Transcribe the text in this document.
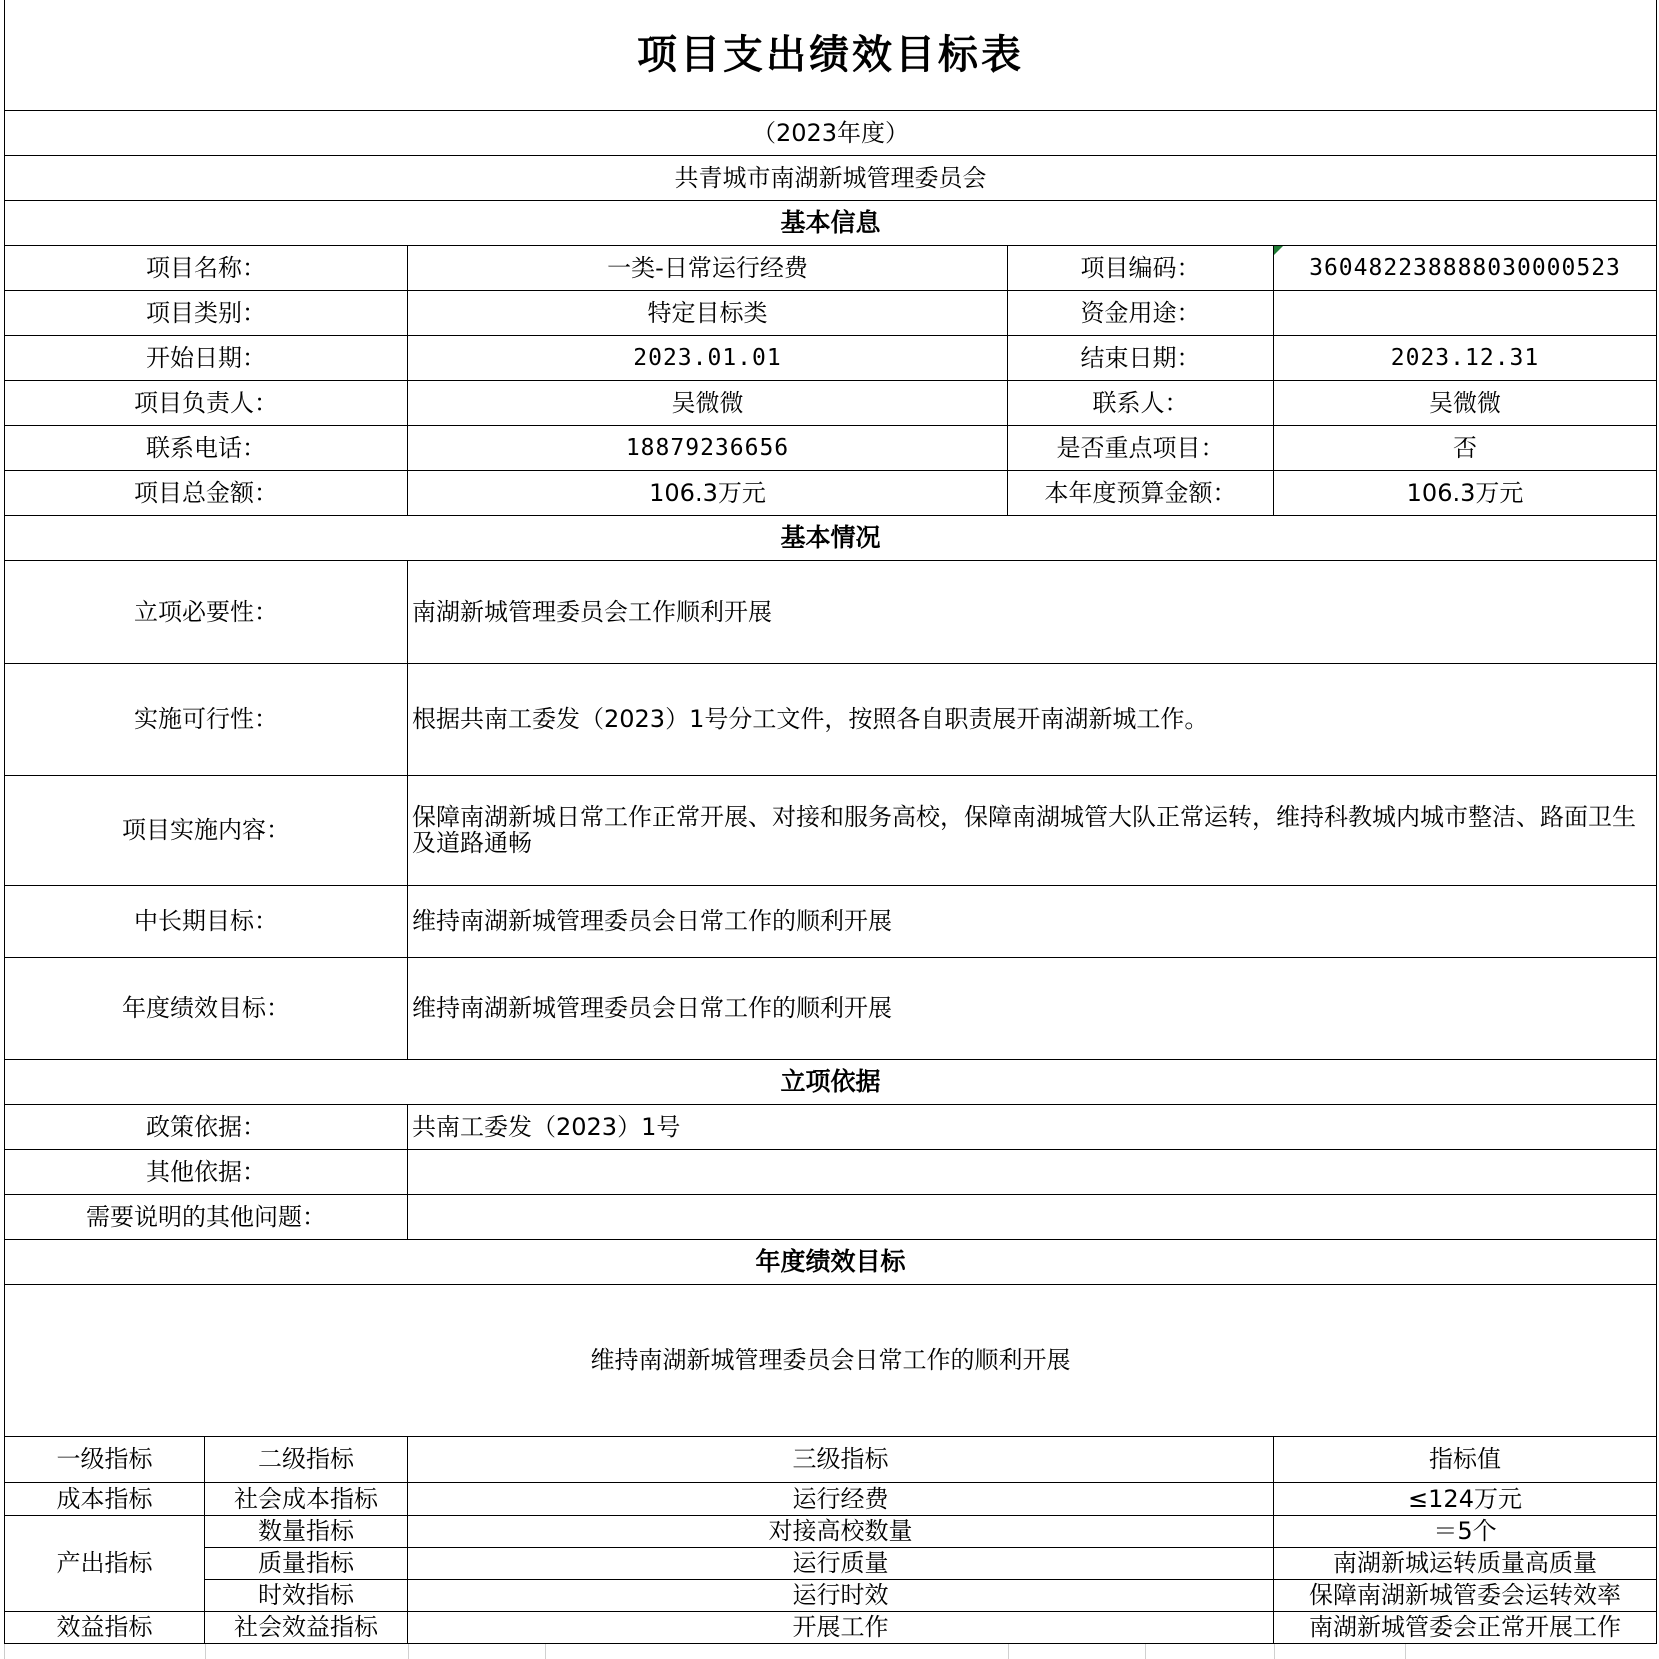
项目支出绩效目标表				
（2023年度）				
共青城市南湖新城管理委员会				
基本信息				
项目名称：		一类-日常运行经费	项目编码：	360482238888030000523
项目类别：		特定目标类	资金用途：	
开始日期：		2023.01.01	结束日期：	2023.12.31
项目负责人：		吴微微	联系人：	吴微微
联系电话：		18879236656	是否重点项目：	否
项目总金额：		106.3万元	本年度预算金额：	106.3万元
基本情况				
立项必要性：		南湖新城管理委员会工作顺利开展		
实施可行性：		根据共南工委发（2023）1号分工文件，按照各自职责展开南湖新城工作。		
项目实施内容：		保障南湖新城日常工作正常开展、对接和服务高校，保障南湖城管大队正常运转，维持科教城内城市整洁、路面卫生及道路通畅		
中长期目标：		维持南湖新城管理委员会日常工作的顺利开展		
年度绩效目标：		维持南湖新城管理委员会日常工作的顺利开展		
立项依据				
政策依据：		共南工委发（2023）1号		
其他依据：				
需要说明的其他问题：				
年度绩效目标				
维持南湖新城管理委员会日常工作的顺利开展				
一级指标	二级指标	三级指标		指标值
成本指标	社会成本指标	运行经费		≤124万元
产出指标	数量指标	对接高校数量		＝5个
	质量指标	运行质量		南湖新城运转质量高质量
	时效指标	运行时效		保障南湖新城管委会运转效率
效益指标	社会效益指标	开展工作		南湖新城管委会正常开展工作
